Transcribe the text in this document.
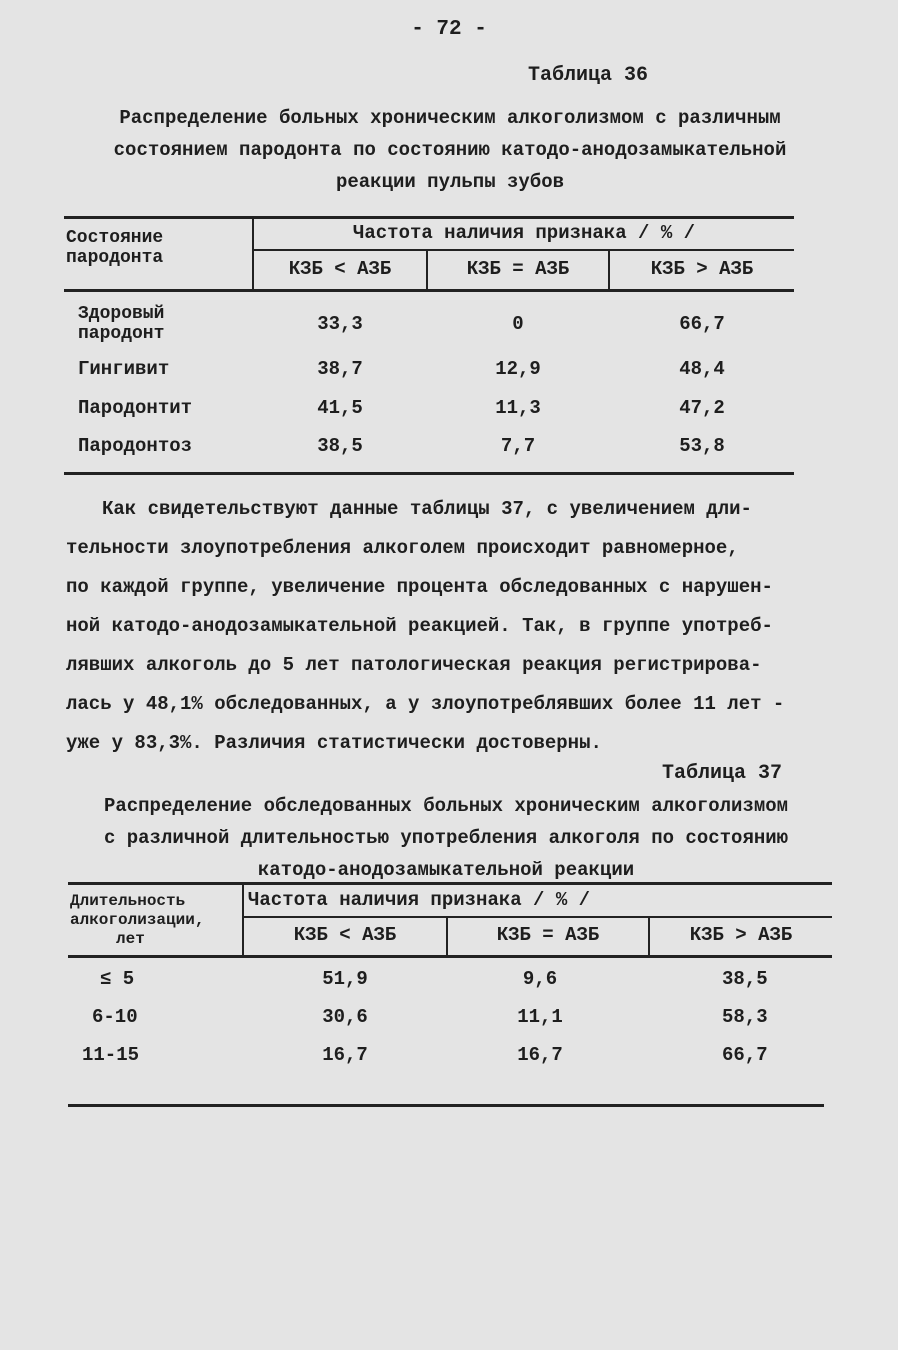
- 72 -
Таблица 36
Распределение больных хроническим алкоголизмом с различным
состоянием пародонта по состоянию катодо-анодозамыкательной
реакции пульпы зубов
Состояние
пародонта
Частота наличия признака / % /
КЗБ < АЗБ	КЗБ = АЗБ	КЗБ > АЗБ
Здоровый
пародонт	33,3	0	66,7
Гингивит	38,7	12,9	48,4
Пародонтит	41,5	11,3	47,2
Пародонтоз	38,5	7,7	53,8
Как свидетельствуют данные таблицы 37, с увеличением дли-
тельности злоупотребления алкоголем происходит равномерное,
по каждой группе, увеличение процента обследованных с нарушен-
ной катодо-анодозамыкательной реакцией. Так, в группе употреб-
лявших алкоголь до 5 лет патологическая реакция регистрирова-
лась у 48,1% обследованных, а у злоупотреблявших более 11 лет -
уже у 83,3%. Различия статистически достоверны.
Таблица 37
Распределение обследованных больных хроническим алкоголизмом
с различной длительностью употребления алкоголя по состоянию
катодо-анодозамыкательной реакции
Длительность
алкоголизации,
лет
Частота наличия признака / % /
КЗБ < АЗБ	КЗБ = АЗБ	КЗБ > АЗБ
≤ 5	51,9	9,6	38,5
6-10	30,6	11,1	58,3
11-15	16,7	16,7	66,7
